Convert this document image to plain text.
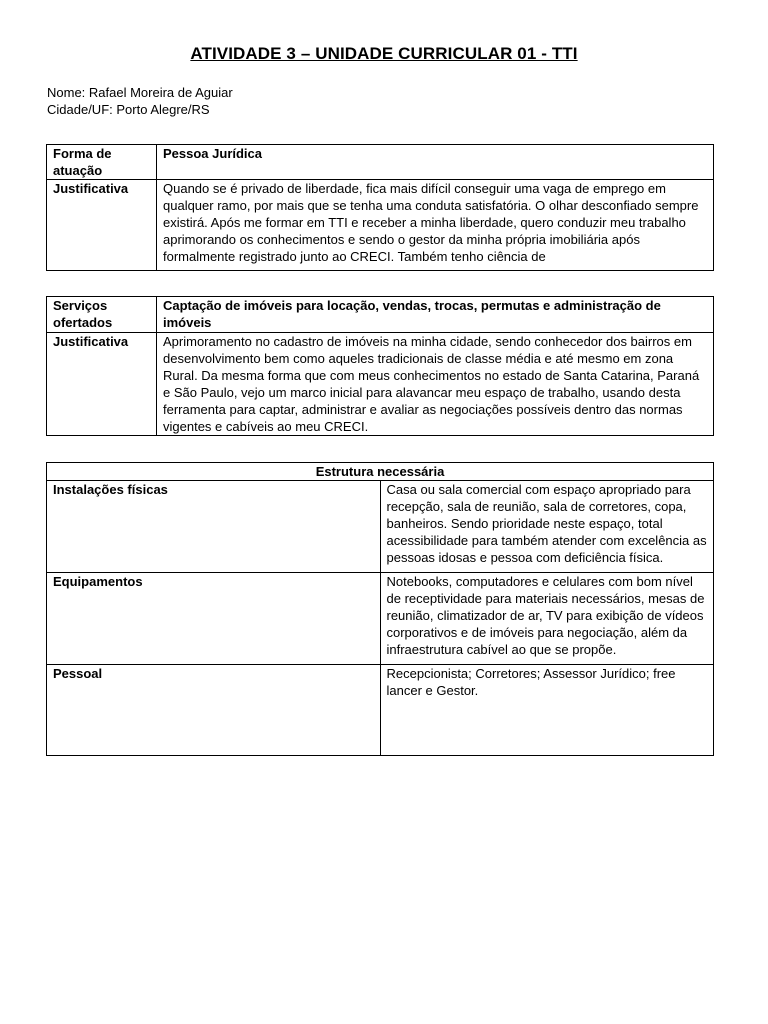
ATIVIDADE 3 – UNIDADE CURRICULAR 01 - TTI
Nome: Rafael Moreira de Aguiar
Cidade/UF: Porto Alegre/RS
Forma de atuação	Pessoa Jurídica
Justificativa	Quando se é privado de liberdade, fica mais difícil conseguir uma vaga de emprego em qualquer ramo, por mais que se tenha uma conduta satisfatória. O olhar desconfiado sempre existirá. Após me formar em TTI e receber a minha liberdade, quero conduzir meu trabalho aprimorando os conhecimentos e sendo o gestor da minha própria imobiliária após formalmente registrado junto ao CRECI. Também tenho ciência de
Serviços ofertados	Captação de imóveis para locação, vendas, trocas, permutas e administração de imóveis
Justificativa	Aprimoramento no cadastro de imóveis na minha cidade, sendo conhecedor dos bairros em desenvolvimento bem como aqueles tradicionais de classe média e até mesmo em zona Rural. Da mesma forma que com meus conhecimentos no estado de Santa Catarina, Paraná e São Paulo, vejo um marco inicial para alavancar meu espaço de trabalho, usando desta ferramenta para captar, administrar e avaliar as negociações possíveis dentro das normas vigentes e cabíveis ao meu CRECI.
Estrutura necessária	
Instalações físicas	Casa ou sala comercial com espaço apropriado para recepção, sala de reunião, sala de corretores, copa, banheiros. Sendo prioridade neste espaço, total acessibilidade para também atender com excelência as pessoas idosas e pessoa com deficiência física.
Equipamentos	Notebooks, computadores e celulares com bom nível de receptividade para materiais necessários, mesas de reunião, climatizador de ar, TV para exibição de vídeos corporativos e de imóveis para negociação, além da infraestrutura cabível ao que se propõe.
Pessoal	Recepcionista; Corretores; Assessor Jurídico; free lancer e Gestor.
